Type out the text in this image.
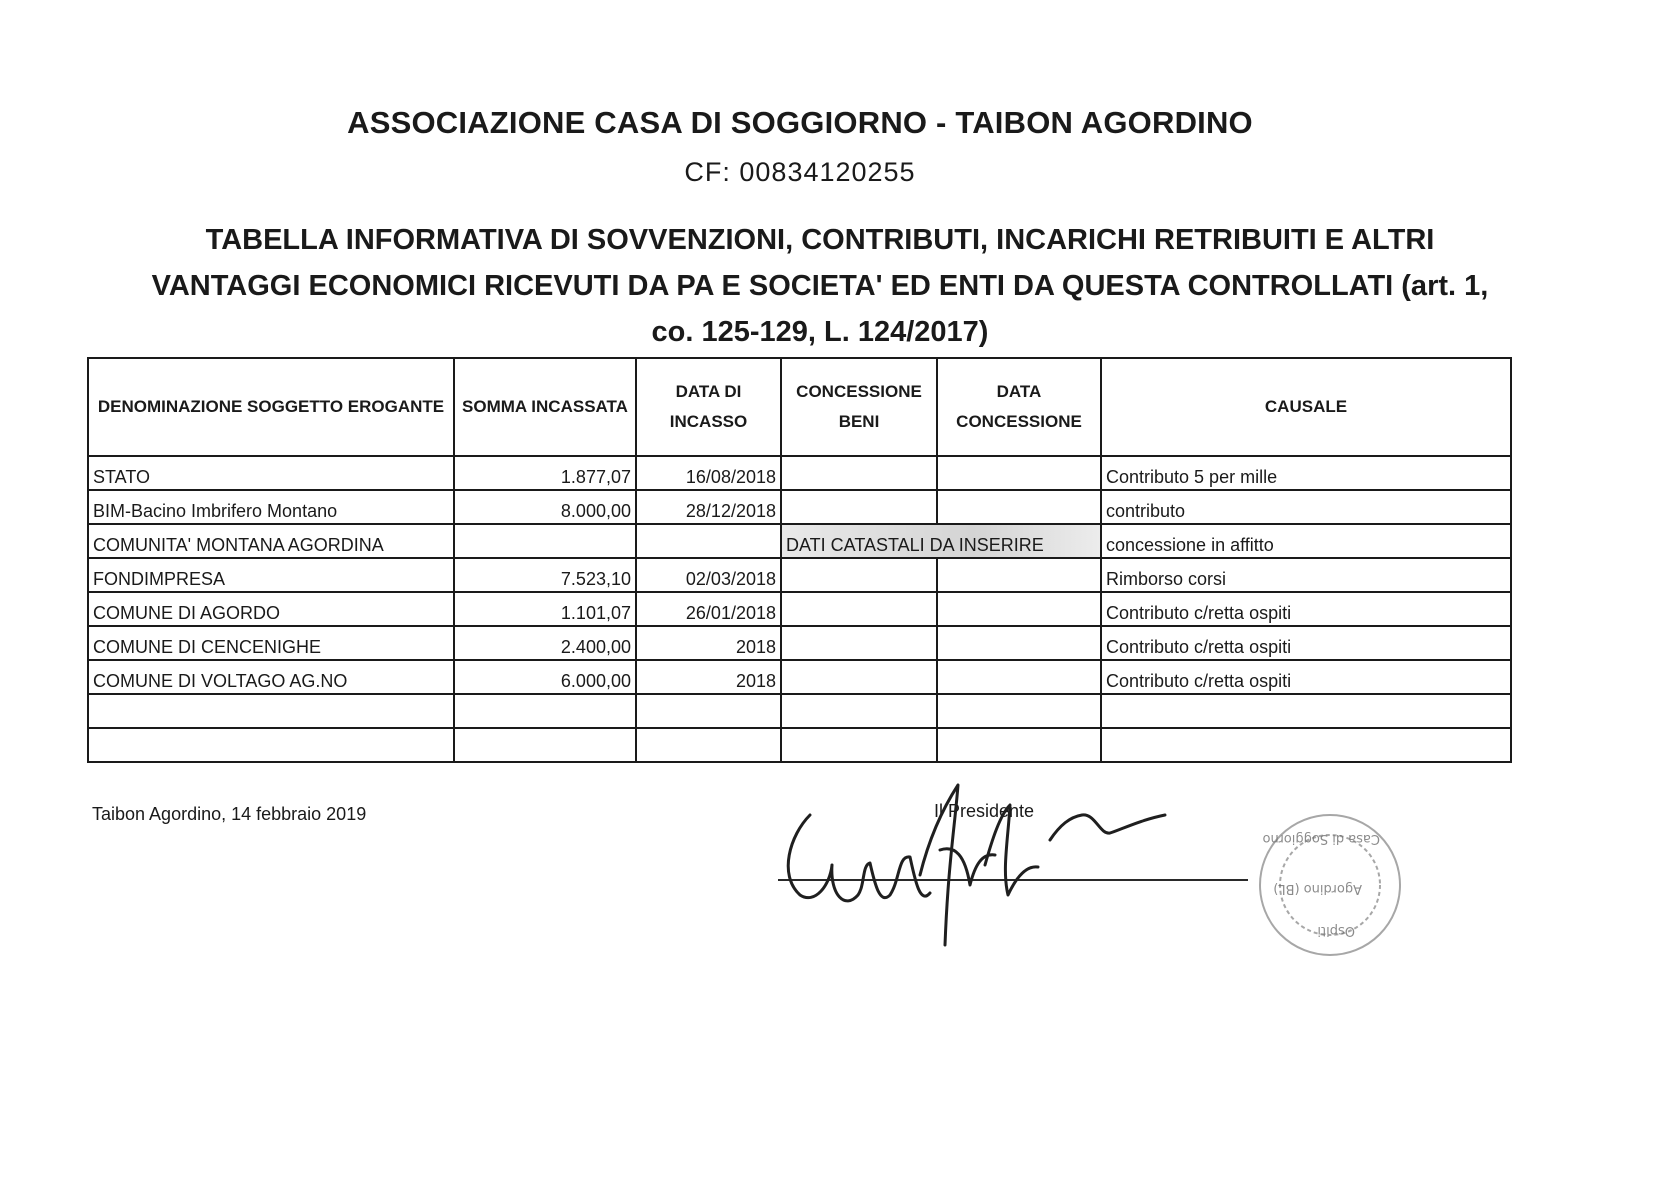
ASSOCIAZIONE CASA DI SOGGIORNO - TAIBON AGORDINO
CF: 00834120255
TABELLA INFORMATIVA DI SOVVENZIONI, CONTRIBUTI, INCARICHI RETRIBUITI E ALTRI
VANTAGGI ECONOMICI RICEVUTI DA PA E SOCIETA' ED ENTI DA QUESTA CONTROLLATI (art. 1,
co. 125-129, L. 124/2017)
DENOMINAZIONE SOGGETTO EROGANTE	SOMMA INCASSATA	DATA DI INCASSO	CONCESSIONE BENI	DATA CONCESSIONE	CAUSALE
STATO	1.877,07	16/08/2018			Contributo 5 per mille
BIM-Bacino Imbrifero Montano	8.000,00	28/12/2018			contributo
COMUNITA' MONTANA AGORDINA			DATI CATASTALI DA INSERIRE		concessione in affitto
FONDIMPRESA	7.523,10	02/03/2018			Rimborso corsi
COMUNE DI AGORDO	1.101,07	26/01/2018			Contributo c/retta ospiti
COMUNE DI CENCENIGHE	2.400,00	2018			Contributo c/retta ospiti
COMUNE DI VOLTAGO AG.NO	6.000,00	2018			Contributo c/retta ospiti

Taibon Agordino, 14 febbraio 2019	Il Presidente
Ospiti
Agordino (BL)
Casa di Soggiorno
